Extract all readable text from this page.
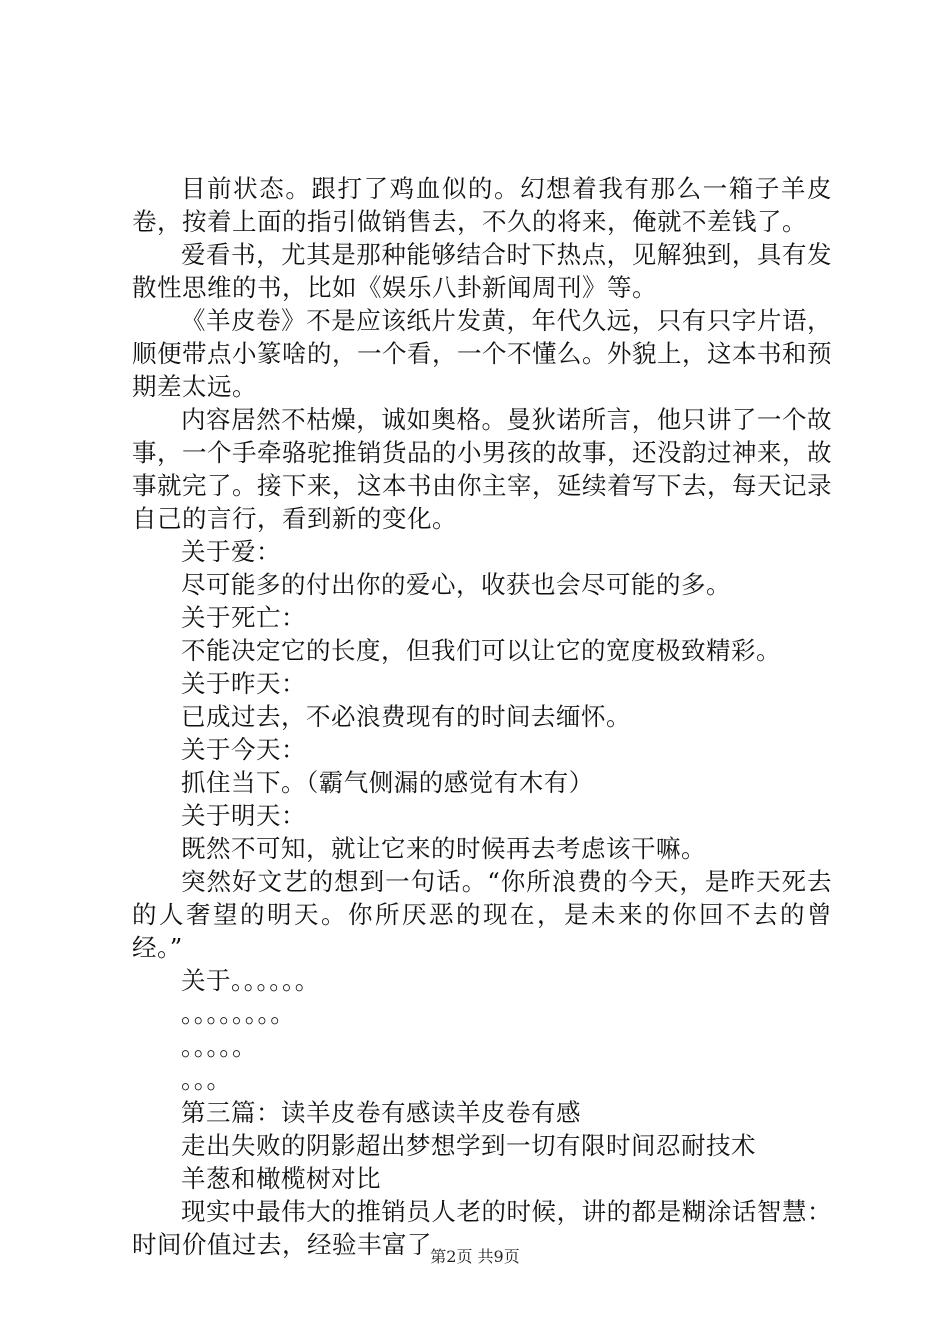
目前状态。跟打了鸡血似的。幻想着我有那么一箱子羊皮卷，按着上面的指引做销售去，不久的将来，俺就不差钱了。

爱看书，尤其是那种能够结合时下热点，见解独到，具有发散性思维的书，比如《娱乐八卦新闻周刊》等。

《羊皮卷》不是应该纸片发黄，年代久远，只有只字片语，顺便带点小篆啥的，一个看，一个不懂么。外貌上，这本书和预期差太远。

内容居然不枯燥，诚如奥格。曼狄诺所言，他只讲了一个故事，一个手牵骆驼推销货品的小男孩的故事，还没韵过神来，故事就完了。接下来，这本书由你主宰，延续着写下去，每天记录自己的言行，看到新的变化。

关于爱：

尽可能多的付出你的爱心，收获也会尽可能的多。

关于死亡：

不能决定它的长度，但我们可以让它的宽度极致精彩。

关于昨天：

已成过去，不必浪费现有的时间去缅怀。

关于今天：

抓住当下。（霸气侧漏的感觉有木有）

关于明天：

既然不可知，就让它来的时候再去考虑该干嘛。

突然好文艺的想到一句话。“你所浪费的今天，是昨天死去的人奢望的明天。你所厌恶的现在，是未来的你回不去的曾经。”

关于。。。。。。

。。。。。。。。

。。。。。

。。。

第三篇：读羊皮卷有感读羊皮卷有感

走出失败的阴影超出梦想学到一切有限时间忍耐技术

羊葱和橄榄树对比

现实中最伟大的推销员人老的时候，讲的都是糊涂话智慧：时间价值过去，经验丰富了

第2页 共9页
